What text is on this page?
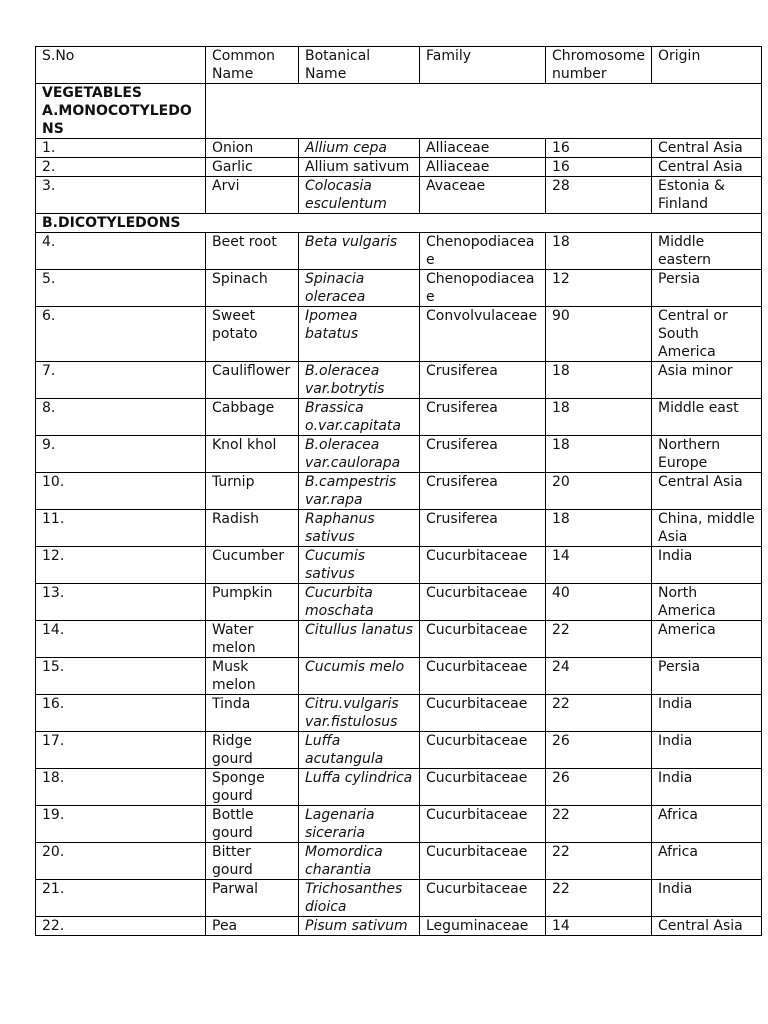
S.No	Common Name	Botanical Name	Family	Chromosome number	Origin

VEGETABLES
A.MONOCOTYLEDONS					

1.	Onion	Allium cepa	Alliaceae	16	Central Asia
2.	Garlic	Allium sativum	Alliaceae	16	Central Asia
3.	Arvi	Colocasia esculentum	Avaceae	28	Estonia & Finland
B.DICOTYLEDONS					
4.	Beet root	Beta vulgaris	Chenopodiaceae	18	Middle eastern
5.	Spinach	Spinacia oleracea	Chenopodiaceae	12	Persia
6.	Sweet potato	Ipomea batatus	Convolvulaceae	90	Central or South America
7.	Cauliflower	B.oleracea var.botrytis	Crusiferea	18	Asia minor
8.	Cabbage	Brassica o.var.capitata	Crusiferea	18	Middle east
9.	Knol khol	B.oleracea var.caulorapa	Crusiferea	18	Northern Europe
10.	Turnip	B.campestris var.rapa	Crusiferea	20	Central Asia
11.	Radish	Raphanus sativus	Crusiferea	18	China, middle Asia
12.	Cucumber	Cucumis sativus	Cucurbitaceae	14	India
13.	Pumpkin	Cucurbita moschata	Cucurbitaceae	40	North America
14.	Water melon	Citullus lanatus	Cucurbitaceae	22	America
15.	Musk melon	Cucumis melo	Cucurbitaceae	24	Persia
16.	Tinda	Citru.vulgaris var.fistulosus	Cucurbitaceae	22	India
17.	Ridge gourd	Luffa acutangula	Cucurbitaceae	26	India
18.	Sponge gourd	Luffa cylindrica	Cucurbitaceae	26	India
19.	Bottle gourd	Lagenaria siceraria	Cucurbitaceae	22	Africa
20.	Bitter gourd	Momordica charantia	Cucurbitaceae	22	Africa
21.	Parwal	Trichosanthes dioica	Cucurbitaceae	22	India
22.	Pea	Pisum sativum	Leguminaceae	14	Central Asia
